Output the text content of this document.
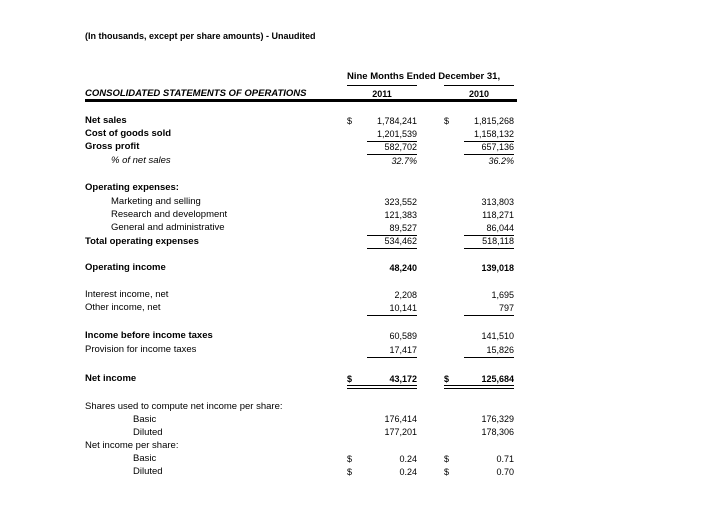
(In thousands, except per share amounts) - Unaudited
Nine Months Ended December 31,
CONSOLIDATED STATEMENTS OF OPERATIONS	2011	2010
Net sales	$	1,784,241	$	1,815,268
Cost of goods sold	1,201,539	1,158,132
Gross profit	582,702	657,136
% of net sales	32.7%	36.2%
Operating expenses:
Marketing and selling	323,552	313,803
Research and development	121,383	118,271
General and administrative	89,527	86,044
Total operating expenses	534,462	518,118
Operating income	48,240	139,018
Interest income, net	2,208	1,695
Other income, net	10,141	797
Income before income taxes	60,589	141,510
Provision for income taxes	17,417	15,826
Net income	$	43,172	$	125,684
Shares used to compute net income per share:
Basic	176,414	176,329
Diluted	177,201	178,306
Net income per share:
Basic	$	0.24	$	0.71
Diluted	$	0.24	$	0.70
